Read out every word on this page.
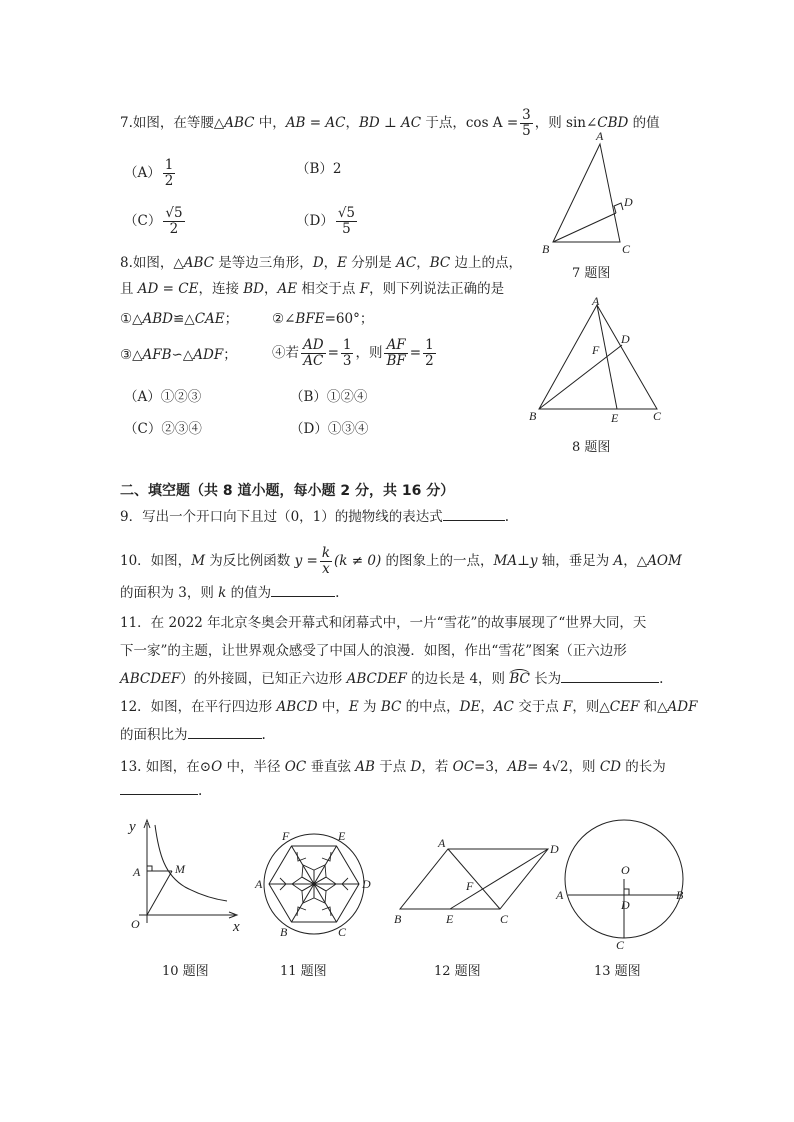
7.如图，在等腰△ABC 中，AB = AC，BD ⊥ AC 于点，$\cos A = \frac{3}{5}$ ，则 sin∠CBD 的值
$(A) \frac{1}{2}$	（B）2
$(C) \frac{√5}{2}$	$(D) \frac{√5}{5}$
A
B	C
D
7 题图
8.如图，△ABC 是等边三角形，D，E 分别是 AC，BC 边上的点，
且 AD = CE，连接 BD，AE 相交于点 F，则下列说法正确的是
①△ABD≌△CAE；	②∠BFE=60°；
③△AFB∽△ADF；	④若 $\frac{AD}{AC} = \frac{1}{3}$ ，则 $\frac{AF}{BF} = \frac{1}{2}$
（A）①②③	（B）①②④
（C）②③④	（D）①③④
A
B	C
D
E
F
8 题图
二、填空题（共 8 道小题，每小题 2 分，共 16 分）
9．写出一个开口向下且过（0，1）的抛物线的表达式	.
10．如图，M 为反比例函数 $y = \frac{k}{x} (k \ne 0)$ 的图象上的一点，MA⊥y 轴，垂足为 A，△AOM
的面积为 3，则 k 的值为	.
11．在 2022 年北京冬奥会开幕式和闭幕式中，一片“雪花”的故事展现了“世界大同，天
下一家”的主题，让世界观众感受了中国人的浪漫．如图，作出“雪花”图案（正六边形
ABCDEF）的外接圆，已知正六边形 ABCDEF 的边长是 4，则 BC 长为	.
12．如图，在平行四边形 ABCD 中，E 为 BC 的中点，DE，AC 交于点 F，则△CEF 和△ADF
的面积比为	.
13. 如图，在⊙O 中，半径 OC 垂直弦 AB 于点 D，若 OC=3，AB= 4√2，则 CD 的长为
.
y
x
A	M
O
10 题图
A
B	C
D
E
F
11 题图
A
B	C
D
E
F
12 题图
O
A	B
D
C
13 题图
